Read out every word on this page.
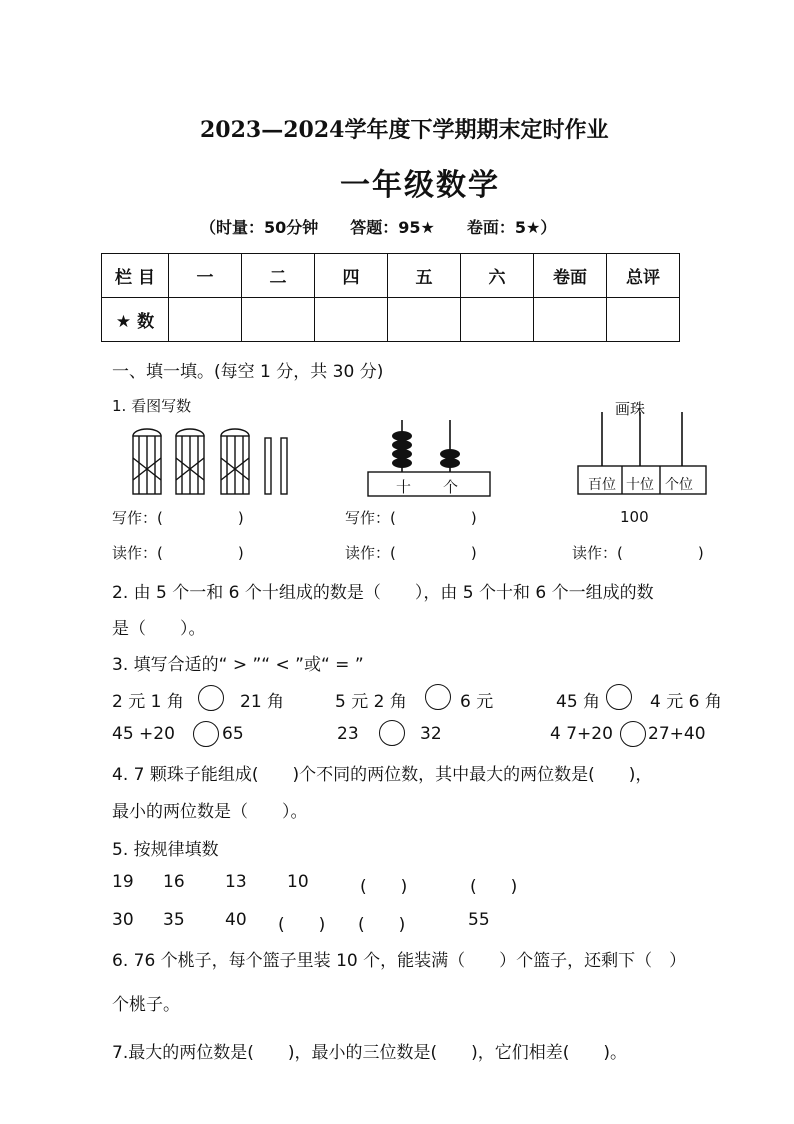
2023—2024学年度下学期期末定时作业
一年级数学
（时量：50分钟　　答题：95★　　卷面：5★）
栏 目	一	二	四	五	六	卷面	总评
★ 数							
一、填一填。(每空 1 分，共 30 分)
1. 看图写数
十 个
画珠
百位 十位 个位
100
写作：(　　　　　)	写作：(　　　　　)
读作：(　　　　　)	读作：(　　　　　)	读作：(　　　　　)
2. 由 5 个一和 6 个十组成的数是（　　），由 5 个十和 6 个一组成的数
是（　　）。
3. 填写合适的“ > ”“ < ”或“ = ”
2 元 1 角	21 角	5 元 2 角	6 元	45 角	4 元 6 角
45 +20	65	23	32	4 7+20 27+40
4. 7 颗珠子能组成(　　)个不同的两位数，其中最大的两位数是(　　)，
最小的两位数是（　　）。
5. 按规律填数
19 16 13 10	(　　)	(　　)
30 35 40 (　　) (　　)	55
6. 76 个桃子，每个篮子里装 10 个，能装满（　　）个篮子，还剩下（　）
个桃子。
7.最大的两位数是(　　)，最小的三位数是(　　)，它们相差(　　)。
